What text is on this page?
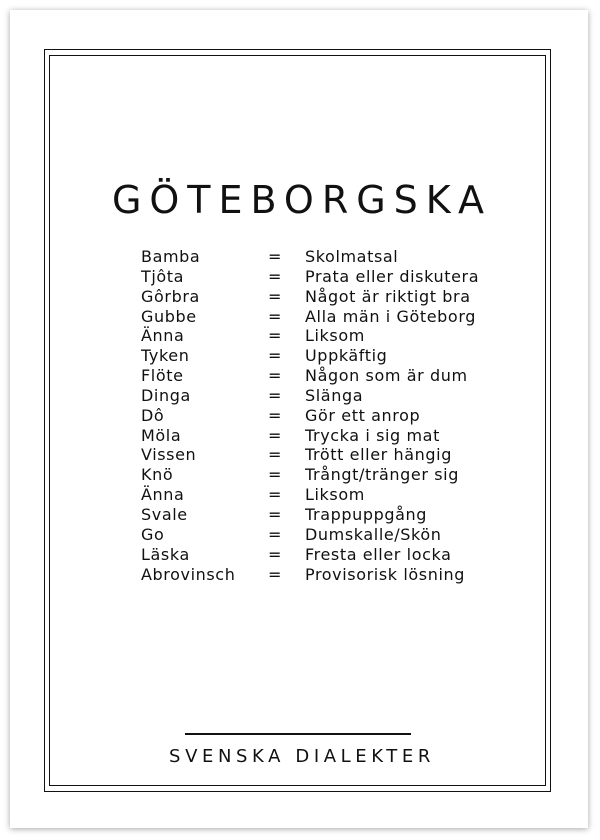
GÖTEBORGSKA
Bamba	= Skolmatsal
Tjôta	= Prata eller diskutera
Gôrbra	= Något är riktigt bra
Gubbe	= Alla män i Göteborg
Änna	= Liksom
Tyken	= Uppkäftig
Flöte	= Någon som är dum
Dinga	= Slänga
Dô	= Gör ett anrop
Möla	= Trycka i sig mat
Vissen	= Trött eller hängig
Knö	= Trångt/tränger sig
Änna	= Liksom
Svale	= Trappuppgång
Go	= Dumskalle/Skön
Läska	= Fresta eller locka
Abrovinsch = Provisorisk lösning
SVENSKA DIALEKTER
